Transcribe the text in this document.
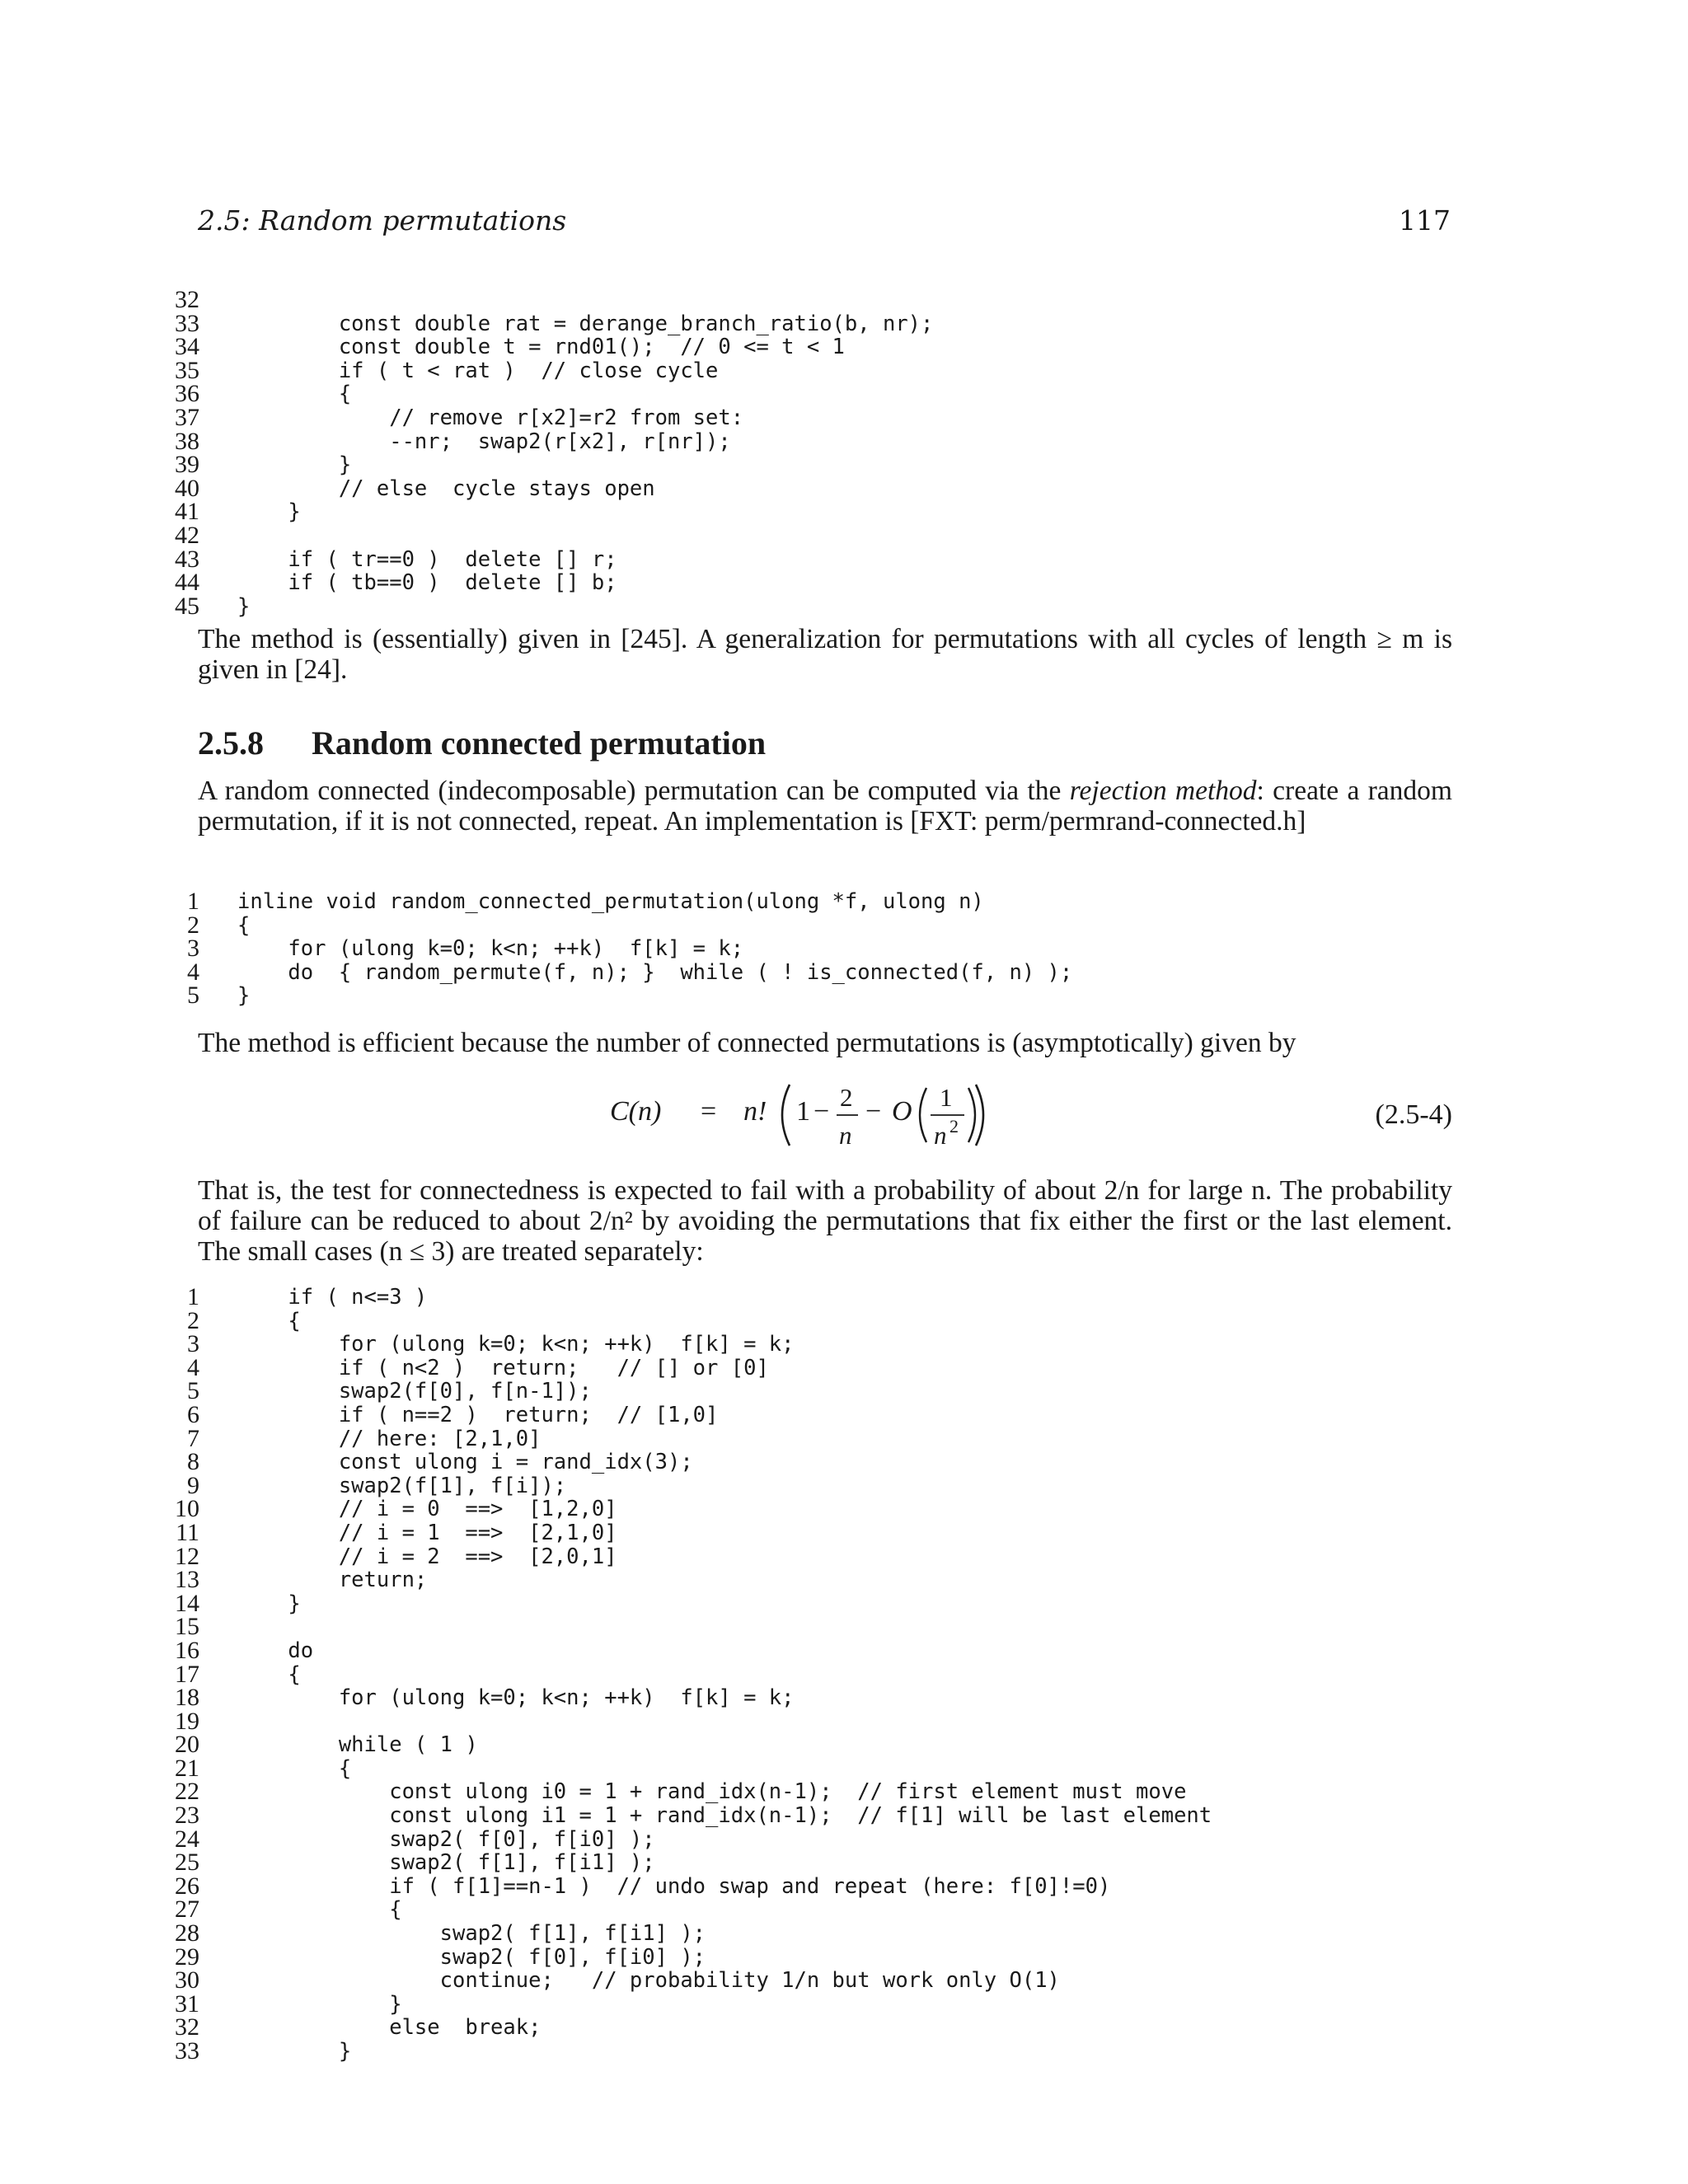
2.5: Random permutations	117
32
33 const double rat = derange_branch_ratio(b, nr);
34 const double t = rnd01();  // 0 <= t < 1
35 if ( t < rat )  // close cycle
36 {
37 // remove r[x2]=r2 from set:
38 --nr;  swap2(r[x2], r[nr]);
39 }
40 // else  cycle stays open
41 }
42
43 if ( tr==0 )  delete [] r;
44 if ( tb==0 )  delete [] b;
45 }
The method is (essentially) given in [245]. A generalization for permutations with all cycles of length ≥ m is given in [24].
2.5.8 Random connected permutation
A random connected (indecomposable) permutation can be computed via the rejection method: create a random permutation, if it is not connected, repeat. An implementation is [FXT: perm/permrand-connected.h]
1 inline void random_connected_permutation(ulong *f, ulong n)
2 {
3 for (ulong k=0; k<n; ++k)  f[k] = k;
4 do  { random_permute(f, n); }  while ( ! is_connected(f, n) );
5 }
The method is efficient because the number of connected permutations is (asymptotically) given by
C(n) = n! 1 − 2
n
− O 1
n 2	(2.5-4)
That is, the test for connectedness is expected to fail with a probability of about 2/n for large n. The probability of failure can be reduced to about 2/n² by avoiding the permutations that fix either the first or the last element. The small cases (n ≤ 3) are treated separately:
1 if ( n<=3 )
2 {
3 for (ulong k=0; k<n; ++k)  f[k] = k;
4 if ( n<2 )  return;   // [] or [0]
5 swap2(f[0], f[n-1]);
6 if ( n==2 )  return;  // [1,0]
7 // here: [2,1,0]
8 const ulong i = rand_idx(3);
9 swap2(f[1], f[i]);
10 // i = 0  ==>  [1,2,0]
11 // i = 1  ==>  [2,1,0]
12 // i = 2  ==>  [2,0,1]
13 return;
14 }
15
16 do
17 {
18 for (ulong k=0; k<n; ++k)  f[k] = k;
19
20 while ( 1 )
21 {
22 const ulong i0 = 1 + rand_idx(n-1);  // first element must move
23 const ulong i1 = 1 + rand_idx(n-1);  // f[1] will be last element
24 swap2( f[0], f[i0] );
25 swap2( f[1], f[i1] );
26 if ( f[1]==n-1 )  // undo swap and repeat (here: f[0]!=0)
27 {
28 swap2( f[1], f[i1] );
29 swap2( f[0], f[i0] );
30 continue;   // probability 1/n but work only O(1)
31 }
32 else  break;
33 }
